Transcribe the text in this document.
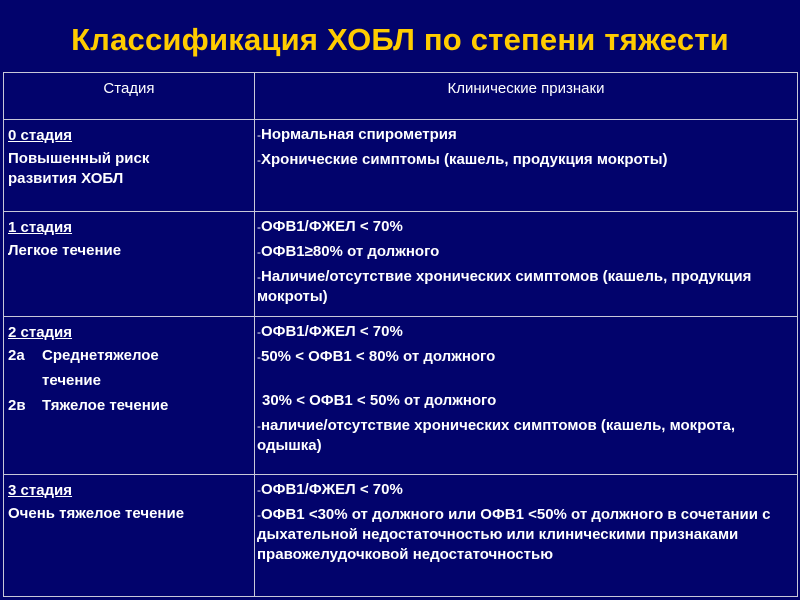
Классификация ХОБЛ по степени тяжести
Стадия	Клинические признаки

0 стадия
Повышенный риск
развития ХОБЛ	-Нормальная спирометрия
-Хронические симптомы (кашель, продукция мокроты)

1 стадия
Легкое течение	-ОФВ1/ФЖЕЛ < 70%
-ОФВ1≥80% от должного
-Наличие/отсутствие хронических симптомов (кашель, продукция мокроты)

2 стадия
2а Среднетяжелое
течение
2в Тяжелое течение	-ОФВ1/ФЖЕЛ < 70%
-50% < ОФВ1 < 80% от должного
30% < ОФВ1 < 50% от должного
-наличие/отсутствие хронических симптомов (кашель, мокрота, одышка)

3 стадия
Очень тяжелое течение	-ОФВ1/ФЖЕЛ < 70%
-ОФВ1 <30% от должного или ОФВ1 <50% от должного в сочетании с дыхательной недостаточностью или клиническими признаками правожелудочковой недостаточностью
